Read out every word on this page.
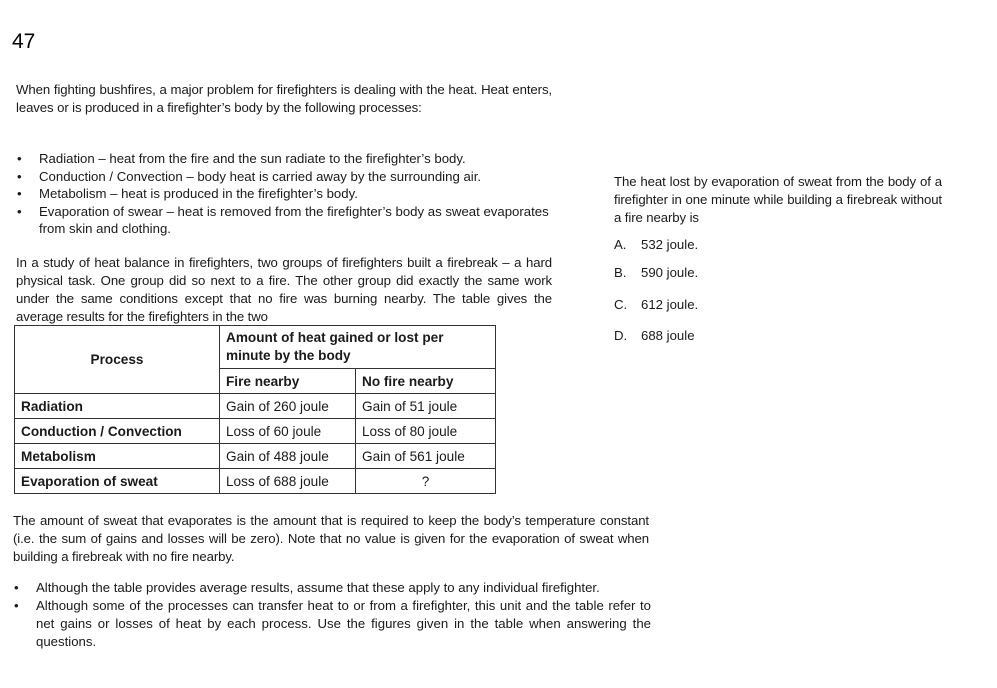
47

When fighting bushfires, a major problem for firefighters is dealing with the heat. Heat enters, leaves or is produced in a firefighter’s body by the following processes:

• Radiation – heat from the fire and the sun radiate to the firefighter’s body.
• Conduction / Convection – body heat is carried away by the surrounding air.
• Metabolism – heat is produced in the firefighter’s body.
• Evaporation of swear – heat is removed from the firefighter’s body as sweat evaporates from skin and clothing.

In a study of heat balance in firefighters, two groups of firefighters built a firebreak – a hard physical task. One group did so next to a fire. The other group did exactly the same work under the same conditions except that no fire was burning nearby. The table gives the average results for the firefighters in the two

Process	Amount of heat gained or lost per minute by the body	
	Fire nearby	No fire nearby
Radiation	Gain of 260 joule	Gain of 51 joule
Conduction / Convection	Loss of 60 joule	Loss of 80 joule
Metabolism	Gain of 488 joule	Gain of 561 joule
Evaporation of sweat	Loss of 688 joule	?

The amount of sweat that evaporates is the amount that is required to keep the body’s temperature constant (i.e. the sum of gains and losses will be zero). Note that no value is given for the evaporation of sweat when building a firebreak with no fire nearby.

• Although the table provides average results, assume that these apply to any individual firefighter.
• Although some of the processes can transfer heat to or from a firefighter, this unit and the table refer to net gains or losses of heat by each process. Use the figures given in the table when answering the questions.

The heat lost by evaporation of sweat from the body of a firefighter in one minute while building a firebreak without a fire nearby is

A. 532 joule.
B. 590 joule.
C. 612 joule.
D. 688 joule
